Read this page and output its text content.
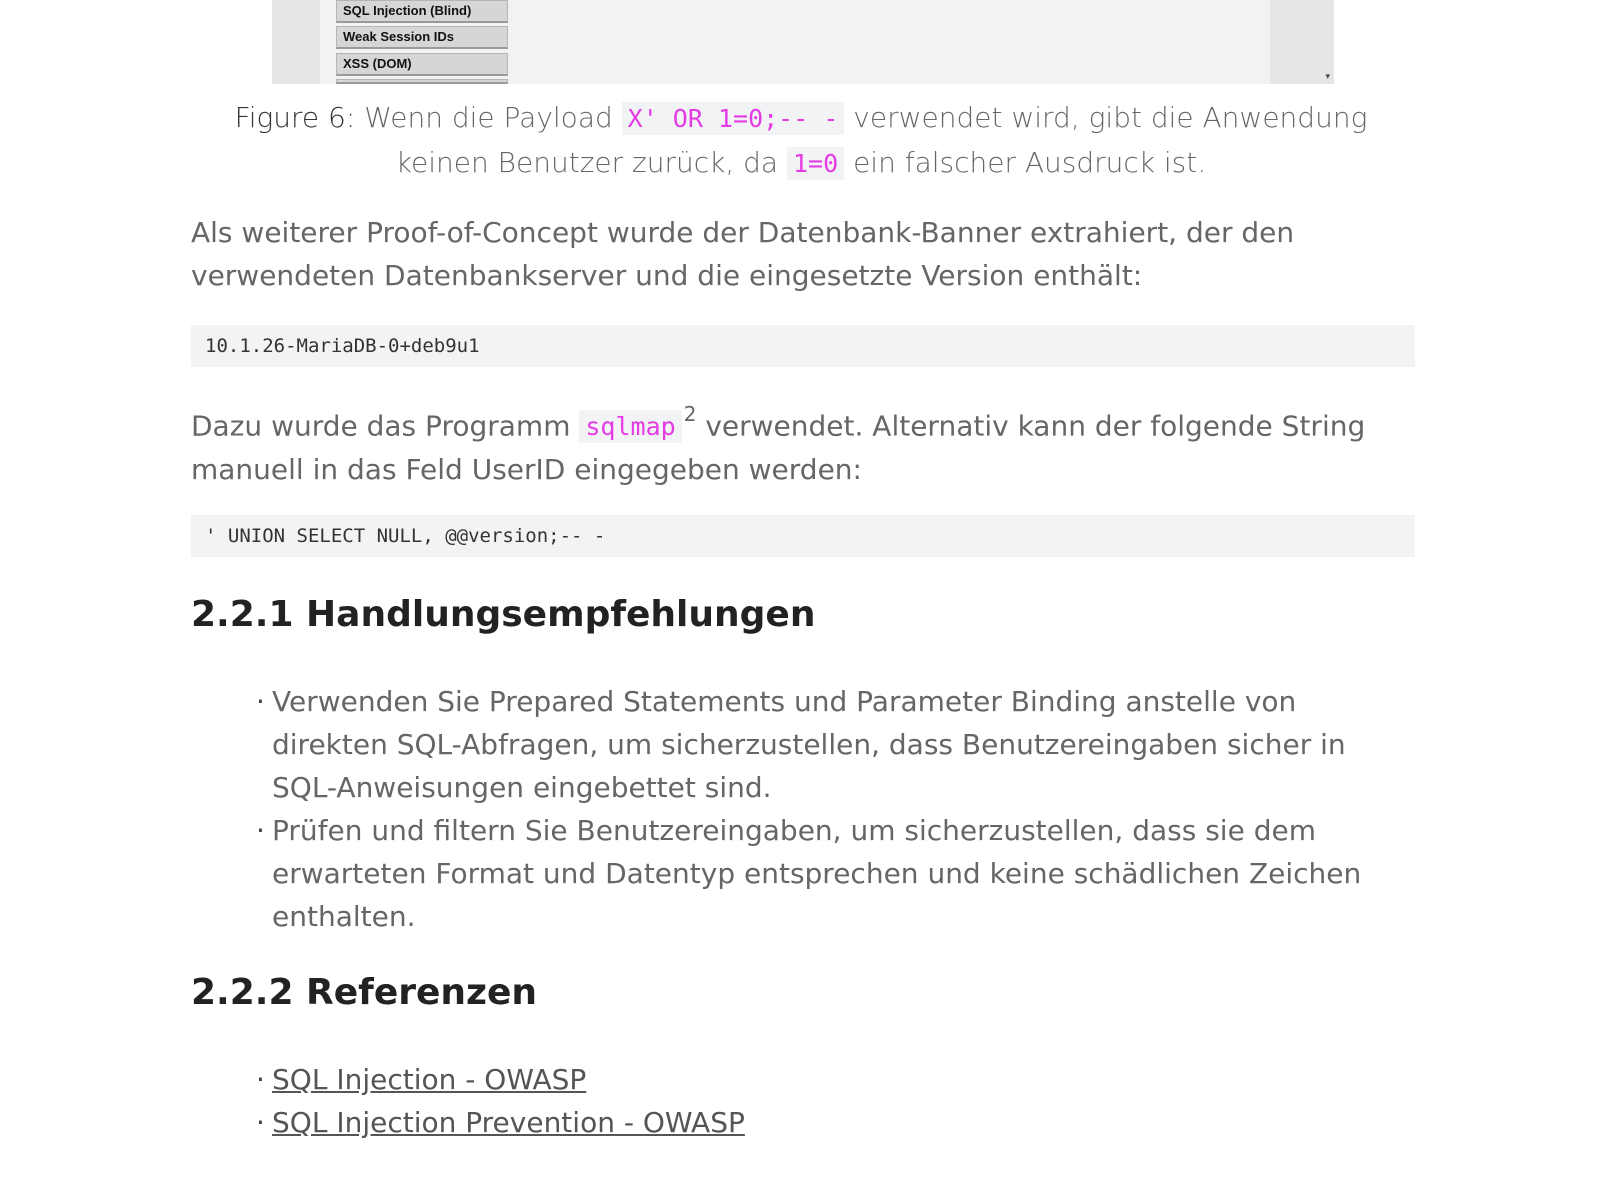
SQL Injection (Blind)
Weak Session IDs
XSS (DOM)
▾
Figure 6: Wenn die Payload X' OR 1=0;-- - verwendet wird, gibt die Anwendung keinen Benutzer zurück, da 1=0 ein falscher Ausdruck ist.

Als weiterer Proof-of-Concept wurde der Datenbank-Banner extrahiert, der den verwendeten Datenbankserver und die eingesetzte Version enthält:

10.1.26-MariaDB-0+deb9u1

Dazu wurde das Programm sqlmap $^2$ verwendet. Alternativ kann der folgende String manuell in das Feld UserID eingegeben werden:

' UNION SELECT NULL, @@version;-- -
2.2.1 Handlungsempfehlungen
· Verwenden Sie Prepared Statements und Parameter Binding anstelle von direkten SQL-Abfragen, um sicherzustellen, dass Benutzereingaben sicher in SQL-Anweisungen eingebettet sind.
· Prüfen und filtern Sie Benutzereingaben, um sicherzustellen, dass sie dem erwarteten Format und Datentyp entsprechen und keine schädlichen Zeichen enthalten.
2.2.2 Referenzen
· SQL Injection - OWASP
· SQL Injection Prevention - OWASP
